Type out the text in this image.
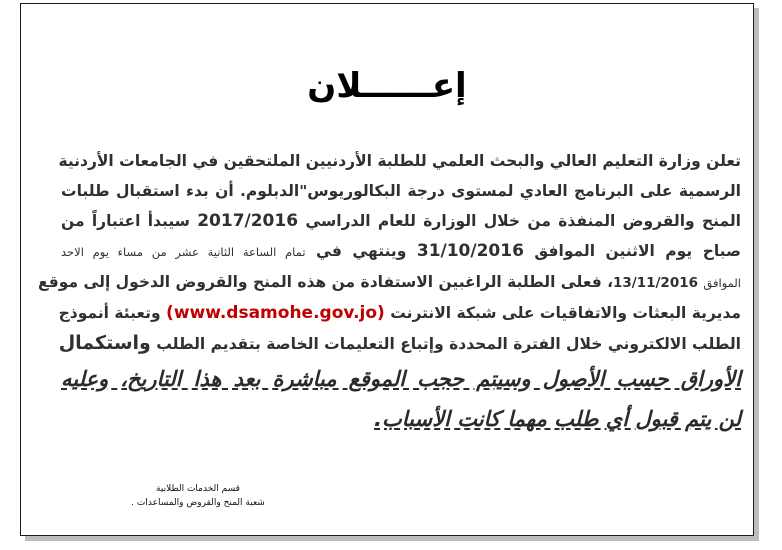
إعــــــلان
تعلن وزارة التعليم العالي والبحث العلمي للطلبة الأردنيين الملتحقين في الجامعات الأردنية
الرسمية على البرنامج العادي لمستوى درجة البكالوريوس"الدبلوم. أن بدء استقبال طلبات
المنح والقروض المنفذة من خلال الوزارة للعام الدراسي 2017/2016 سيبدأ اعتباراً من
صباح يوم الاثنين الموافق 31/10/2016 وينتهي في تمام الساعة الثانية عشر من مساء يوم الاحد
الموافق 13/11/2016، فعلى الطلبة الراغبين الاستفادة من هذه المنح والقروض الدخول إلى موقع
مديرية البعثات والاتفاقيات على شبكة الانترنت (www.dsamohe.gov.jo) وتعبئة أنموذج
الطلب الالكتروني خلال الفترة المحددة وإتباع التعليمات الخاصة بتقديم الطلب واستكمال
الأوراق حسب الأصول وسيتم حجب الموقع مباشرة بعد هذا التاريخ، وعليه
لن يتم قبول أي طلب مهما كانت الأسباب.
قسم الخدمات الطلابية
شعبة المنح والقروض والمساعدات .
